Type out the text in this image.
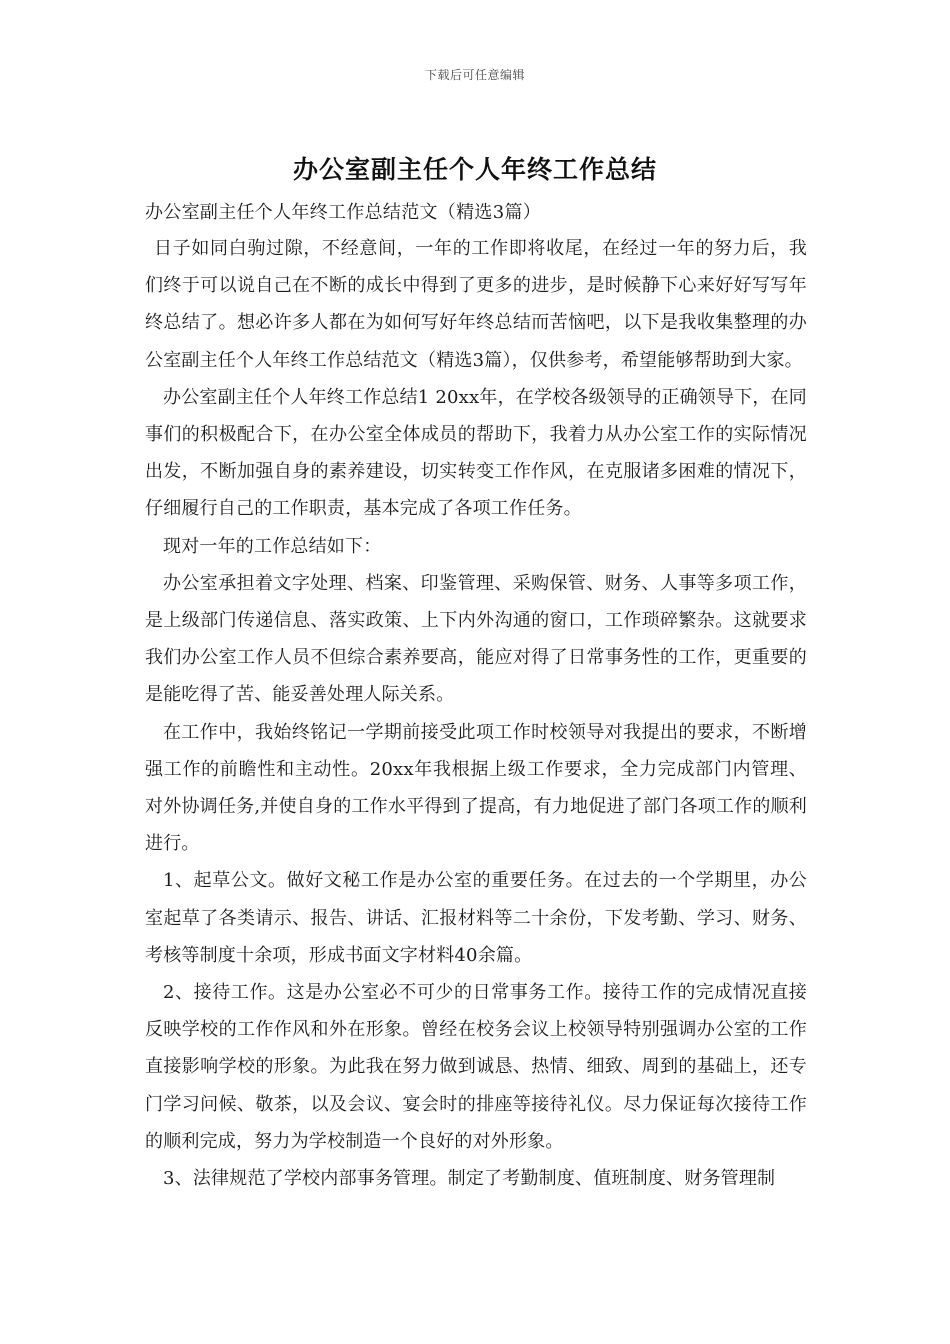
下载后可任意编辑
办公室副主任个人年终工作总结

办公室副主任个人年终工作总结范文（精选3篇）

日子如同白驹过隙，不经意间，一年的工作即将收尾，在经过一年的努力后，我们终于可以说自己在不断的成长中得到了更多的进步，是时候静下心来好好写写年终总结了。想必许多人都在为如何写好年终总结而苦恼吧，以下是我收集整理的办公室副主任个人年终工作总结范文（精选3篇），仅供参考，希望能够帮助到大家。

办公室副主任个人年终工作总结1 20xx年，在学校各级领导的正确领导下，在同事们的积极配合下，在办公室全体成员的帮助下，我着力从办公室工作的实际情况出发，不断加强自身的素养建设，切实转变工作作风，在克服诸多困难的情况下，仔细履行自己的工作职责，基本完成了各项工作任务。

现对一年的工作总结如下：

办公室承担着文字处理、档案、印鉴管理、采购保管、财务、人事等多项工作，是上级部门传递信息、落实政策、上下内外沟通的窗口，工作琐碎繁杂。这就要求我们办公室工作人员不但综合素养要高，能应对得了日常事务性的工作，更重要的是能吃得了苦、能妥善处理人际关系。

在工作中，我始终铭记一学期前接受此项工作时校领导对我提出的要求，不断增强工作的前瞻性和主动性。20xx年我根据上级工作要求，全力完成部门内管理、对外协调任务,并使自身的工作水平得到了提高，有力地促进了部门各项工作的顺利进行。

1、起草公文。做好文秘工作是办公室的重要任务。在过去的一个学期里，办公室起草了各类请示、报告、讲话、汇报材料等二十余份，下发考勤、学习、财务、考核等制度十余项，形成书面文字材料40余篇。

2、接待工作。这是办公室必不可少的日常事务工作。接待工作的完成情况直接反映学校的工作作风和外在形象。曾经在校务会议上校领导特别强调办公室的工作直接影响学校的形象。为此我在努力做到诚恳、热情、细致、周到的基础上，还专门学习问候、敬茶，以及会议、宴会时的排座等接待礼仪。尽力保证每次接待工作的顺利完成，努力为学校制造一个良好的对外形象。

3、法律规范了学校内部事务管理。制定了考勤制度、值班制度、财务管理制
